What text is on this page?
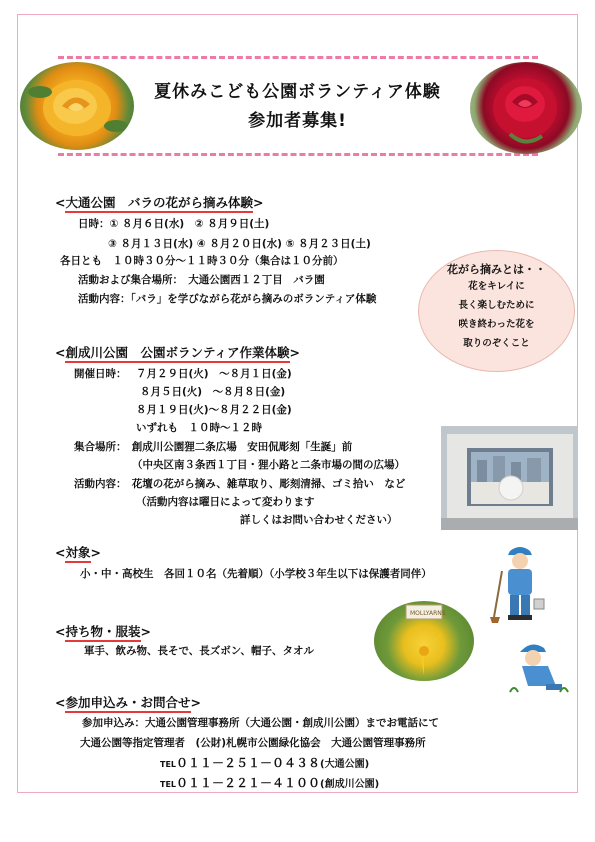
夏休みこども公園ボランティア体験
参加者募集!
<大通公園　バラの花がら摘み体験>
日時：① ８月６日(水)　② ８月９日(土)
③ ８月１３日(水) ④ ８月２０日(水) ⑤ ８月２３日(土)
各日とも　１０時３０分～１１時３０分（集合は１０分前）
活動および集合場所：　大通公園西１２丁目　バラ園
活動内容：「バラ」を学びながら花がら摘みのボランティア体験
花がら摘みとは・・
花をキレイに
長く楽しむために
咲き終わった花を
取りのぞくこと
<創成川公園　公園ボランティア作業体験>
開催日時： ７月２９日(火)　～８月１日(金)
８月５日(火)　～８月８日(金)
８月１９日(火)～８月２２日(金)
いずれも　１０時～１２時
集合場所：　創成川公園狸二条広場　安田侃彫刻「生誕」前
（中央区南３条西１丁目・狸小路と二条市場の間の広場）
活動内容：　花壇の花がら摘み、雑草取り、彫刻清掃、ゴミ拾い　など
（活動内容は曜日によって変わります
詳しくはお問い合わせください）
<対象>
小・中・高校生　各回１０名（先着順）（小学校３年生以下は保護者同伴）
<持ち物・服装>
軍手、飲み物、長そで、長ズボン、帽子、タオル
MOLLYARNS
<参加申込み・お問合せ>
参加申込み：大通公園管理事務所（大通公園・創成川公園）までお電話にて
大通公園等指定管理者　(公財)札幌市公園緑化協会　大通公園管理事務所
TEL０１１－２５１－０４３８(大通公園)
TEL０１１－２２１－４１００(創成川公園)
